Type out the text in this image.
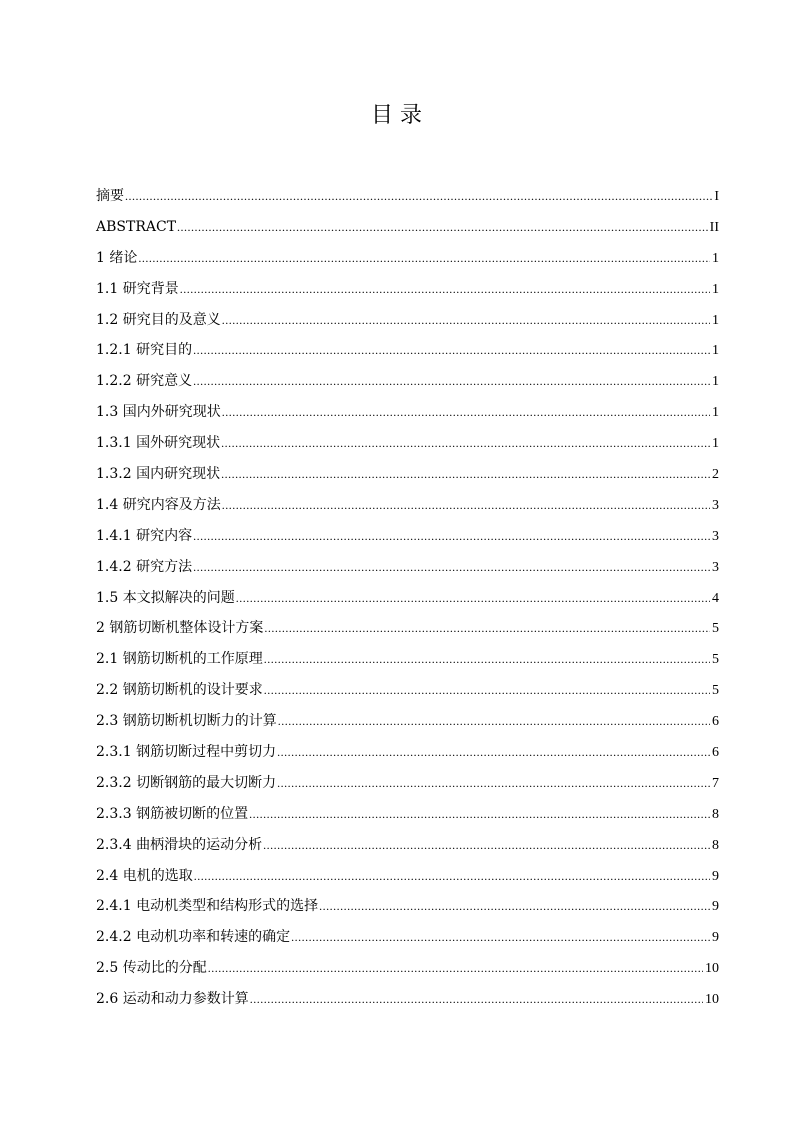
目 录
摘要 .....	I
ABSTRACT .....	II
1 绪论 .....	1
1.1 研究背景 .....	1
1.2 研究目的及意义 .....	1
1.2.1 研究目的 .....	1
1.2.2 研究意义 .....	1
1.3 国内外研究现状 .....	1
1.3.1 国外研究现状 .....	1
1.3.2 国内研究现状 .....	2
1.4 研究内容及方法 .....	3
1.4.1 研究内容 .....	3
1.4.2 研究方法 .....	3
1.5 本文拟解决的问题 .....	4
2 钢筋切断机整体设计方案 .....	5
2.1 钢筋切断机的工作原理 .....	5
2.2 钢筋切断机的设计要求 .....	5
2.3 钢筋切断机切断力的计算 .....	6
2.3.1 钢筋切断过程中剪切力 .....	6
2.3.2 切断钢筋的最大切断力 .....	7
2.3.3 钢筋被切断的位置 .....	8
2.3.4 曲柄滑块的运动分析 .....	8
2.4 电机的选取 .....	9
2.4.1 电动机类型和结构形式的选择 .....	9
2.4.2 电动机功率和转速的确定 .....	9
2.5 传动比的分配 .....	10
2.6 运动和动力参数计算 .....	10
